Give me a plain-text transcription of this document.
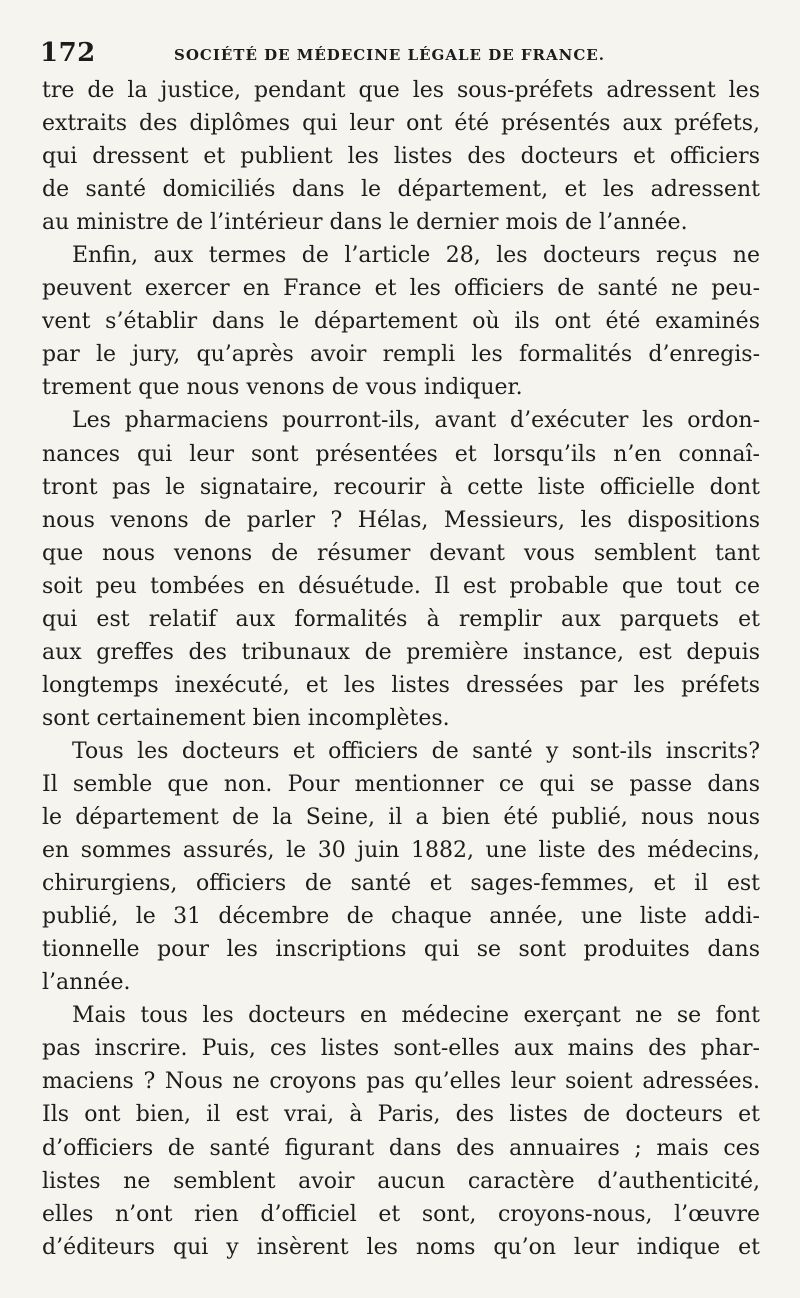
172	SOCIÉTÉ DE MÉDECINE LÉGALE DE FRANCE.
tre de la justice, pendant que les sous-préfets adressent les
extraits des diplômes qui leur ont été présentés aux préfets,
qui dressent et publient les listes des docteurs et officiers
de santé domiciliés dans le département, et les adressent
au ministre de l’intérieur dans le dernier mois de l’année.
Enfin, aux termes de l’article 28, les docteurs reçus ne
peuvent exercer en France et les officiers de santé ne peu-
vent s’établir dans le département où ils ont été examinés
par le jury, qu’après avoir rempli les formalités d’enregis-
trement que nous venons de vous indiquer.
Les pharmaciens pourront-ils, avant d’exécuter les ordon-
nances qui leur sont présentées et lorsqu’ils n’en connaî-
tront pas le signataire, recourir à cette liste officielle dont
nous venons de parler ? Hélas, Messieurs, les dispositions
que nous venons de résumer devant vous semblent tant
soit peu tombées en désuétude. Il est probable que tout ce
qui est relatif aux formalités à remplir aux parquets et
aux greffes des tribunaux de première instance, est depuis
longtemps inexécuté, et les listes dressées par les préfets
sont certainement bien incomplètes.
Tous les docteurs et officiers de santé y sont-ils inscrits?
Il semble que non. Pour mentionner ce qui se passe dans
le département de la Seine, il a bien été publié, nous nous
en sommes assurés, le 30 juin 1882, une liste des médecins,
chirurgiens, officiers de santé et sages-femmes, et il est
publié, le 31 décembre de chaque année, une liste addi-
tionnelle pour les inscriptions qui se sont produites dans
l’année.
Mais tous les docteurs en médecine exerçant ne se font
pas inscrire. Puis, ces listes sont-elles aux mains des phar-
maciens ? Nous ne croyons pas qu’elles leur soient adressées.
Ils ont bien, il est vrai, à Paris, des listes de docteurs et
d’officiers de santé figurant dans des annuaires ; mais ces
listes ne semblent avoir aucun caractère d’authenticité,
elles n’ont rien d’officiel et sont, croyons-nous, l’œuvre
d’éditeurs qui y insèrent les noms qu’on leur indique et
